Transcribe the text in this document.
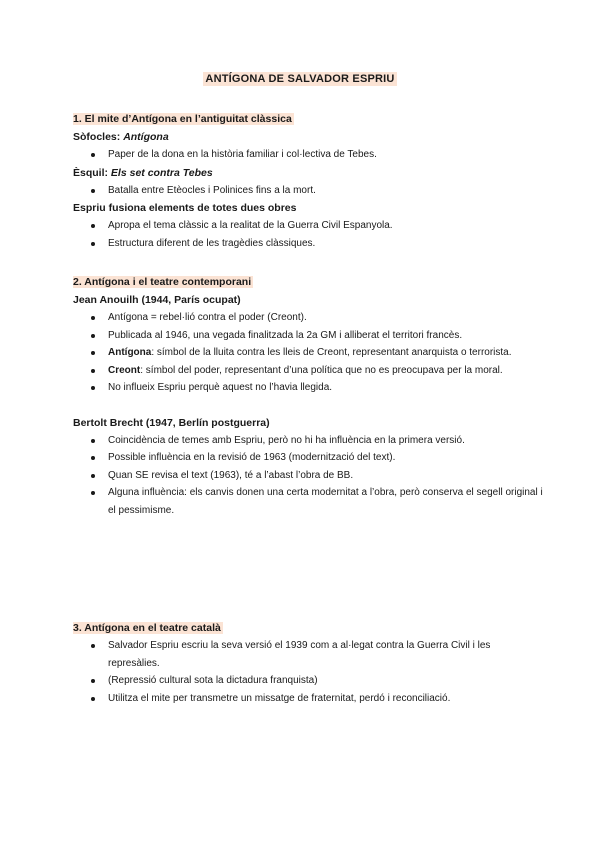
ANTÍGONA DE SALVADOR ESPRIU
1. El mite d’Antígona en l’antiguitat clàssica
Sòfocles: Antígona
Paper de la dona en la història familiar i col·lectiva de Tebes.
Èsquil: Els set contra Tebes
Batalla entre Etèocles i Polinices fins a la mort.
Espriu fusiona elements de totes dues obres
Apropa el tema clàssic a la realitat de la Guerra Civil Espanyola.
Estructura diferent de les tragèdies clàssiques.
2. Antígona i el teatre contemporani
Jean Anouilh (1944, París ocupat)
Antígona = rebel·lió contra el poder (Creont).
Publicada al 1946, una vegada finalitzada la 2a GM i alliberat el territori francès.
Antígona: símbol de la lluita contra les lleis de Creont, representant anarquista o terrorista.
Creont: símbol del poder, representant d’una política que no es preocupava per la moral.
No influeix Espriu perquè aquest no l’havia llegida.
Bertolt Brecht (1947, Berlín postguerra)
Coincidència de temes amb Espriu, però no hi ha influència en la primera versió.
Possible influència en la revisió de 1963 (modernització del text).
Quan SE revisa el text (1963), té a l’abast l’obra de BB.
Alguna influència: els canvis donen una certa modernitat a l’obra, però conserva el segell original i el pessimisme.
3. Antígona en el teatre català
Salvador Espriu escriu la seva versió el 1939 com a al·legat contra la Guerra Civil i les represàlies.
(Repressió cultural sota la dictadura franquista)
Utilitza el mite per transmetre un missatge de fraternitat, perdó i reconciliació.
